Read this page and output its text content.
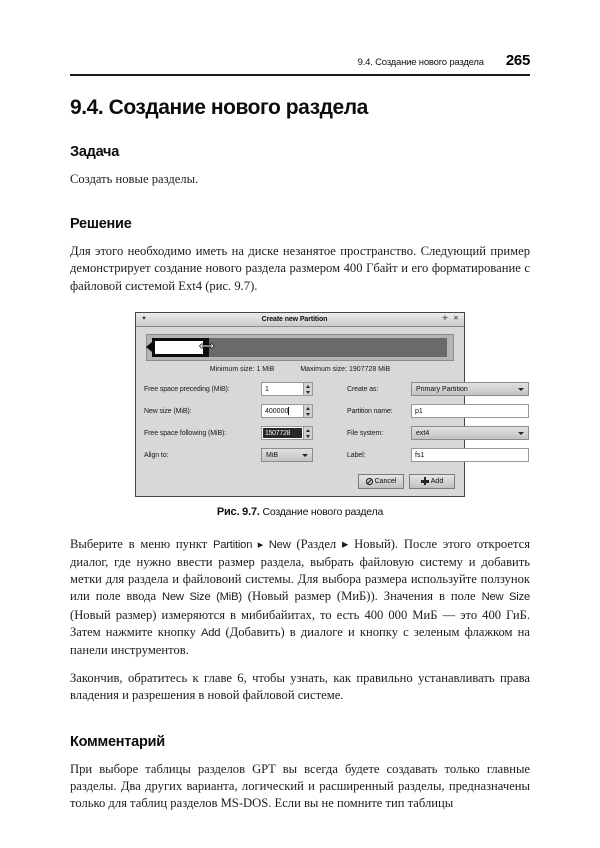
9.4. Создание нового раздела 265
9.4. Создание нового раздела
Задача

Создать новые разделы.

Решение

Для этого необходимо иметь на диске незанятое пространство. Следующий пример демонстрирует создание нового раздела размером 400 Гбайт и его форматирование с файловой системой Ext4 (рис. 9.7).

▾	Create new Partition	✛ ✕
⟷
Minimum size: 1 MiB	Maximum size: 1907728 MiB
Free space preceding (MiB):	1	Create as:	Primary Partition
New size (MiB):	400000	Partition name:	p1
Free space following (MiB):	1507728	File system:	ext4
Align to:	MiB	Label:	fs1
Cancel	Add
Рис. 9.7. Создание нового раздела

Выберите в меню пункт Partition ▸ New (Раздел ▸ Новый). После этого откроется диалог, где нужно ввести размер раздела, выбрать файловую систему и добавить метки для раздела и файловоий системы. Для выбора размера используйте ползунок или поле ввода New Size (MiB) (Новый размер (МиБ)). Значения в поле New Size (Новый размер) измеряются в мибибайитах, то есть 400 000 МиБ — это 400 ГиБ. Затем нажмите кнопку Add (Добавить) в диалоге и кнопку с зеленым флажком на панели инструментов.

Закончив, обратитесь к главе 6, чтобы узнать, как правильно устанавливать права владения и разрешения в новой файловой системе.

Комментарий

При выборе таблицы разделов GPT вы всегда будете создавать только главные разделы. Два других варианта, логический и расширенный разделы, предназначены только для таблиц разделов MS-DOS. Если вы не помните тип таблицы
